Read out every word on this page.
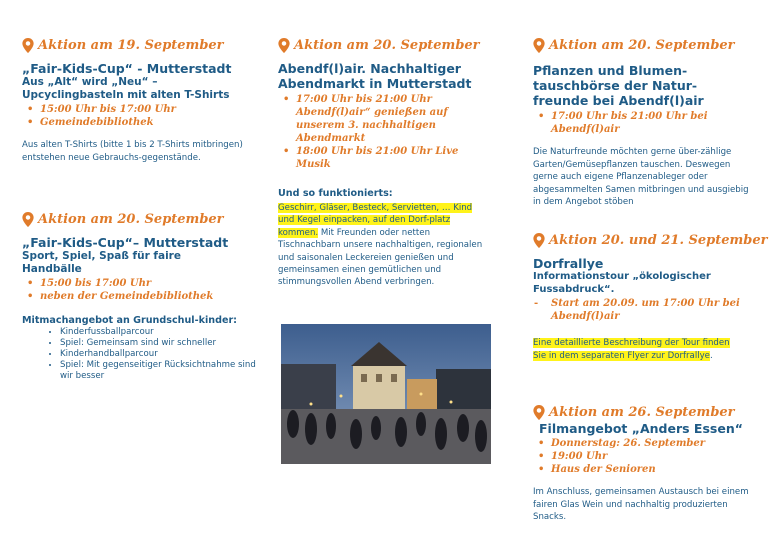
Aktion am 19. September
„Fair-Kids-Cup“ - Mutterstadt
Aus „Alt“ wird „Neu“ – Upcyclingbasteln mit alten T-Shirts
• 15:00 Uhr bis 17:00 Uhr
• Gemeindebibliothek
Aus alten T-Shirts (bitte 1 bis 2 T-Shirts mitbringen) entstehen neue Gebrauchs-gegenstände.
Aktion am 20. September
„Fair-Kids-Cup“– Mutterstadt
Sport, Spiel, Spaß für faire Handbälle
• 15:00 bis 17:00 Uhr
• neben der Gemeindebibliothek
Mitmachangebot an Grundschul-kinder:
• Kinderfussballparcour
• Spiel: Gemeinsam sind wir schneller
• Kinderhandballparcour
• Spiel: Mit gegenseitiger Rücksichtnahme sind wir besser
Aktion am 20. September
Abendf(l)air. Nachhaltiger Abendmarkt in Mutterstadt
• 17:00 Uhr bis 21:00 Uhr Abendf(l)air“ genießen auf unserem 3. nachhaltigen Abendmarkt
• 18:00 Uhr bis 21:00 Uhr Live Musik
Und so funktionierts:
Geschirr, Gläser, Besteck, Servietten, … Kind und Kegel einpacken, auf den Dorf-platz kommen. Mit Freunden oder netten Tischnachbarn unsere nachhaltigen, regionalen und saisonalen Leckereien genießen und gemeinsamen einen gemütlichen und stimmungsvollen Abend verbringen.
Aktion am 20. September
Pflanzen und Blumen-tauschbörse der Natur-freunde bei Abendf(l)air
• 17:00 Uhr bis 21:00 Uhr bei Abendf(l)air
Die Naturfreunde möchten gerne über-zählige Garten/Gemüsepflanzen tauschen. Deswegen gerne auch eigene Pflanzenableger oder abgesammelten Samen mitbringen und ausgiebig in dem Angebot stöben
Aktion 20. und 21. September
Dorfrallye
Informationstour „ökologischer Fussabdruck“.
- Start am 20.09. um 17:00 Uhr bei Abendf(l)air
Eine detaillierte Beschreibung der Tour finden Sie in dem separaten Flyer zur Dorfrallye.
Aktion am 26. September
Filmangebot „Anders Essen“
• Donnerstag: 26. September
• 19:00 Uhr
• Haus der Senioren
Im Anschluss, gemeinsamen Austausch bei einem fairen Glas Wein und nachhaltig produzierten Snacks.
